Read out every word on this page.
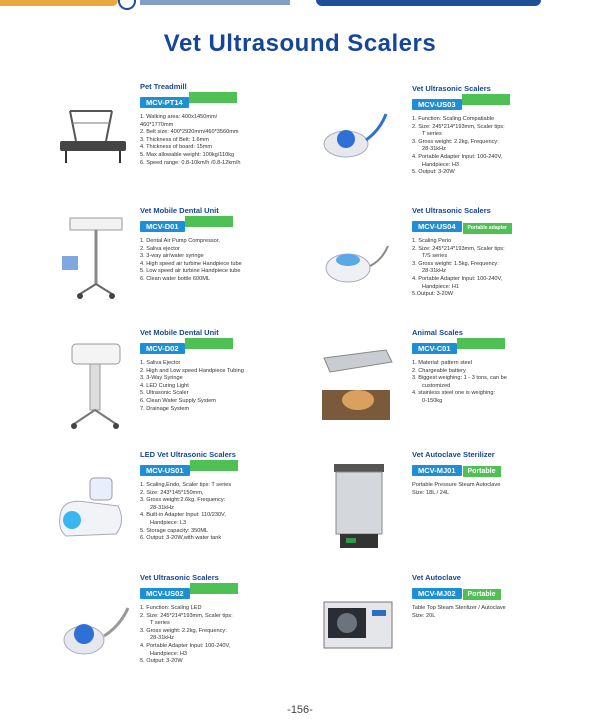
Vet Ultrasound Scalers
Pet Treadmill
MCV-PT14
1. Walking area: 400x1450mm/
460*1770mm
2. Belt size: 400*2920mm/460*3560mm
3. Thickness of Belt: 1.6mm
4. Thickness of board: 15mm
5. Max allowable weight: 100kg/110kg
6. Speed range: 0.8-10km/h /0.8-12km/h
Vet Ultrasonic Scalers
MCV-US03
1. Function: Scaling Compatiable
2. Size: 245*214*193mm, Scaler tips:
T series
3. Gross weight: 2.2kg, Frequency:
28-31kHz
4. Portable Adapter Input: 100-240V,
Handpiece: H3
5. Output: 3-20W
Vet Mobile Dental Unit
MCV-D01
1. Dental Air Pump Compressor,
2. Saliva ejector
3. 3-way air/water syringe
4. High speed air turbine Handpiece tube
5. Low speed air turbine Handpiece tube
6. Clean water bottle 600ML
Vet Ultrasonic Scalers
MCV-US04 Portable adapter
1. Scaling Perio
2. Size: 245*214*193mm, Scaler tips:
T/S series
3. Gross weight: 1.5kg, Frequency:
28-31kHz
4. Portable Adapter Input: 100-240V,
Handpiece: H1
5.Output: 3-20W
Vet Mobile Dental Unit
MCV-D02
1. Saliva Ejector
2. High and Low speed Handpiece Tubing
3. 3-Way Syringe
4. LED Curing Light
5. Ultrasonic Scaler
6. Clean Water Supply System
7. Drainage System
Animal Scales
MCV-C01
1. Material: pattern steel
2. Chargeable battery
3. Biggest weighing: 1 - 3 tons, can be
customized
4. stainless steel one is weighing:
0-150kg
LED Vet Ultrasonic Scalers
MCV-US01
1. Scaling,Endo, Scaler tips: T series
2. Size: 243*145*150mm,
3. Gross weight:2.6kg, Frequency:
28-31kHz
4. Built-in Adapter Input: 110/230V,
Handpiece: L3
5. Storage capacity: 350ML
6. Output: 3-20W,with water tank
Vet Autoclave Sterilizer
MCV-MJ01 Portable
Portable Pressure Steam Autoclave
Size: 18L / 24L
Vet Ultrasonic Scalers
MCV-US02
1. Function: Scaling LED
2. Size: 245*214*193mm, Scaler tips:
T series
3. Gross weight: 2.2kg, Frequency:
28-31kHz
4. Portable Adapter Input: 100-240V,
Handpiece: H3
5. Output: 3-20W
Vet Autoclave
MCV-MJ02 Portable
Table Top Steam Sterilizer / Autoclave
Size: 20L
-156-
